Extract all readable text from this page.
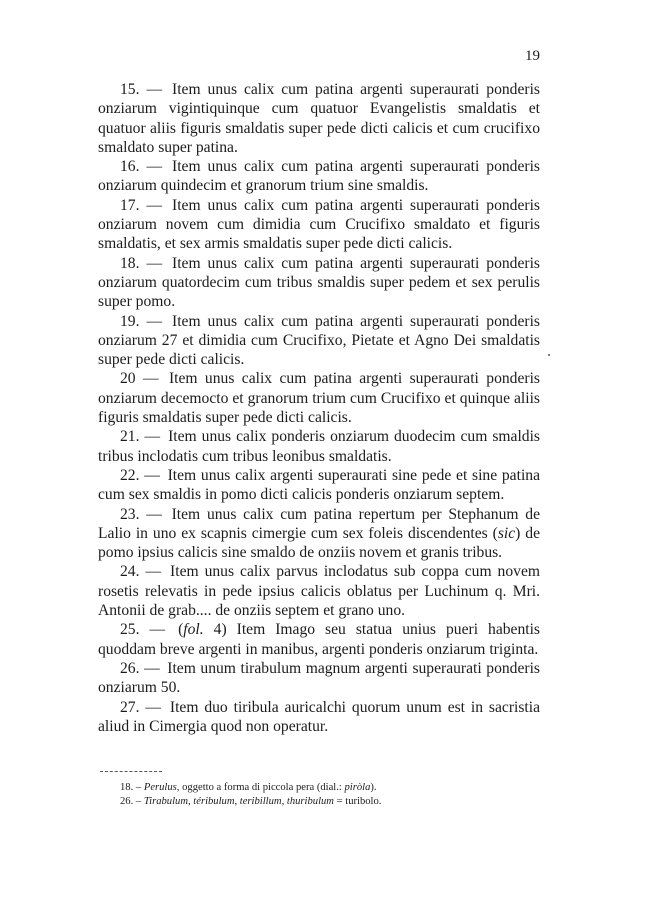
19

15. — Item unus calix cum patina argenti superaurati ponderis onziarum vigintiquinque cum quatuor Evangelistis smaldatis et quatuor aliis figuris smaldatis super pede dicti calicis et cum crucifixo smaldato super patina.

16. — Item unus calix cum patina argenti superaurati ponderis onziarum quindecim et granorum trium sine smaldis.

17. — Item unus calix cum patina argenti superaurati ponderis onziarum novem cum dimidia cum Crucifixo smaldato et figuris smaldatis, et sex armis smaldatis super pede dicti calicis.

18. — Item unus calix cum patina argenti superaurati ponderis onziarum quatordecim cum tribus smaldis super pedem et sex perulis super pomo.

19. — Item unus calix cum patina argenti superaurati ponderis onziarum 27 et dimidia cum Crucifixo, Pietate et Agno Dei smaldatis super pede dicti calicis.

20 — Item unus calix cum patina argenti superaurati ponderis onziarum decemocto et granorum trium cum Crucifixo et quinque aliis figuris smaldatis super pede dicti calicis.

21. — Item unus calix ponderis onziarum duodecim cum smaldis tribus inclodatis cum tribus leonibus smaldatis.

22. — Item unus calix argenti superaurati sine pede et sine patina cum sex smaldis in pomo dicti calicis ponderis onziarum septem.

23. — Item unus calix cum patina repertum per Stephanum de Lalio in uno ex scapnis cimergie cum sex foleis discendentes (sic) de pomo ipsius calicis sine smaldo de onziis novem et granis tribus.

24. — Item unus calix parvus inclodatus sub coppa cum novem rosetis relevatis in pede ipsius calicis oblatus per Luchinum q. Mri. Antonii de grab.... de onziis septem et grano uno.

25. — (fol. 4) Item Imago seu statua unius pueri habentis quoddam breve argenti in manibus, argenti ponderis onziarum triginta.

26. — Item unum tirabulum magnum argenti superaurati ponderis onziarum 50.

27. — Item duo tiribula auricalchi quorum unum est in sacristia aliud in Cimergia quod non operatur.

18. – Perulus, oggetto a forma di piccola pera (dial.: piròla).

26. – Tirabulum, téribulum, teribillum, thuribulum = turibolo.
